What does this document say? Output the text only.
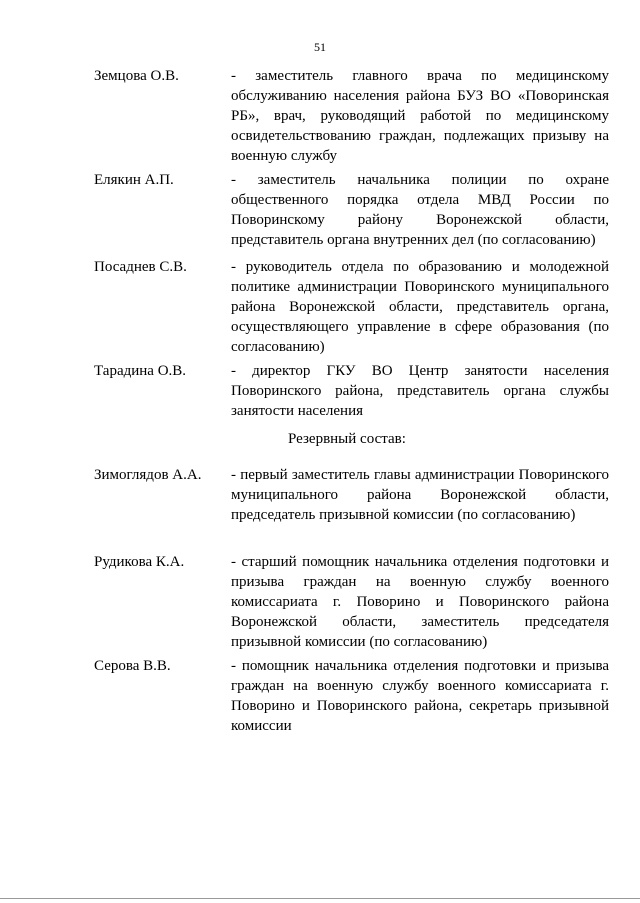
51
Земцова О.В.	- заместитель главного врача по медицинскому обслуживанию населения района БУЗ ВО «Поворинская РБ», врач, руководящий работой по медицинскому освидетельствованию граждан, подлежащих призыву на военную службу
Елякин А.П.	- заместитель начальника полиции по охране общественного порядка отдела МВД России по Поворинскому району Воронежской области, представитель органа внутренних дел (по согласованию)
Посаднев С.В.	- руководитель отдела по образованию и молодежной политике администрации Поворинского муниципального района Воронежской области, представитель органа, осуществляющего управление в сфере образования (по согласованию)
Тарадина О.В.	- директор ГКУ ВО Центр занятости населения Поворинского района, представитель органа службы занятости населения
Резервный состав:
Зимоглядов А.А. - первый заместитель главы администрации Поворинского муниципального района Воронежской области, председатель призывной комиссии (по согласованию)
Рудикова К.А.	- старший помощник начальника отделения подготовки и призыва граждан на военную службу военного комиссариата г. Поворино и Поворинского района Воронежской области, заместитель председателя призывной комиссии (по согласованию)
Серова В.В.	- помощник начальника отделения подготовки и призыва граждан на военную службу военного комиссариата г. Поворино и Поворинского района, секретарь призывной комиссии
